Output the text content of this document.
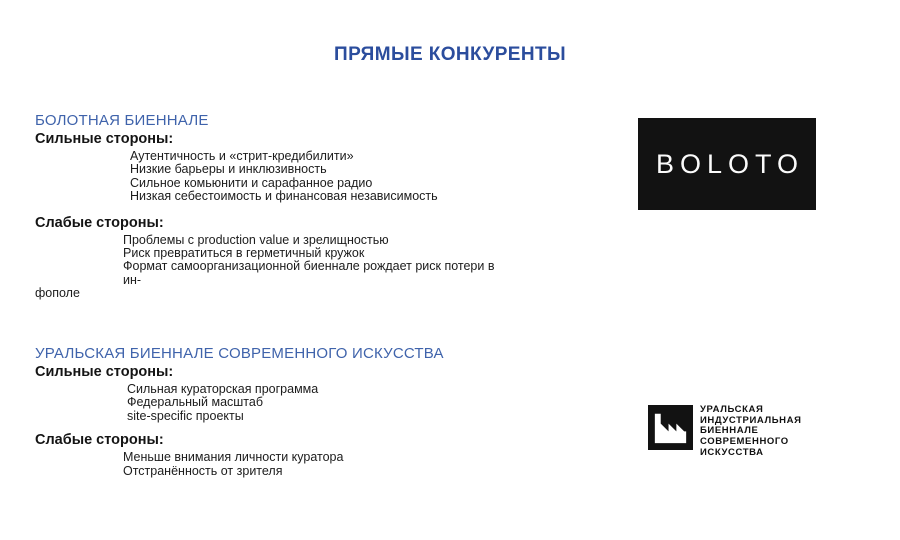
ПРЯМЫЕ КОНКУРЕНТЫ
БОЛОТНАЯ БИЕННАЛЕ
Сильные стороны:
Аутентичность и «стрит-кредибилити»
Низкие барьеры и инклюзивность
Сильное комьюнити и сарафанное радио
Низкая себестоимость и финансовая независимость
Слабые стороны:
Проблемы с production value и зрелищностью
Риск превратиться в герметичный кружок
Формат самоорганизационной биеннале рождает риск потери в ин-
фополе
УРАЛЬСКАЯ БИЕННАЛЕ СОВРЕМЕННОГО ИСКУССТВА
Сильные стороны:
Сильная кураторская программа
Федеральный масштаб
site-specific проекты
Слабые стороны:
Меньше внимания личности куратора
Отстранённость от зрителя
BOLOTO
УРАЛЬСКАЯ
ИНДУСТРИАЛЬНАЯ
БИЕННАЛЕ
СОВРЕМЕННОГО
ИСКУССТВА
